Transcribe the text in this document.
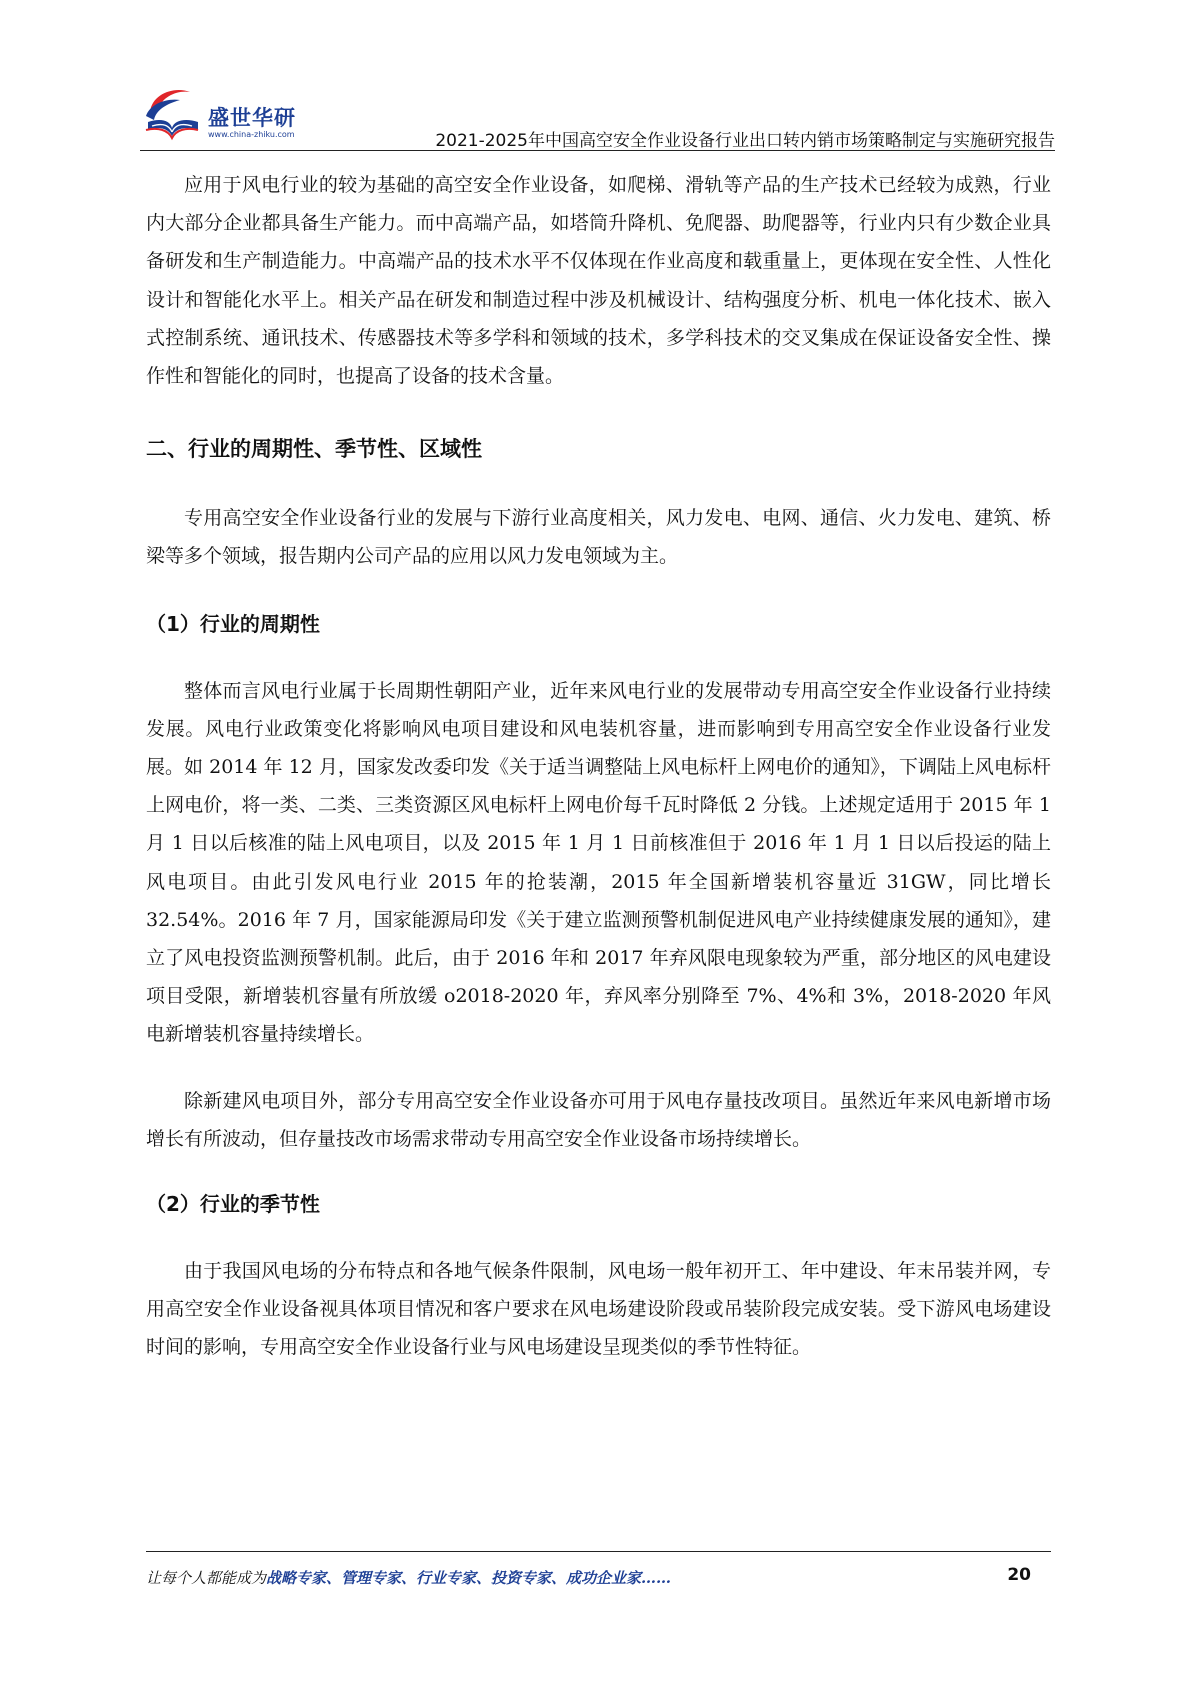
盛世华研
www.china-zhiku.com	2021-2025年中国高空安全作业设备行业出口转内销市场策略制定与实施研究报告

应用于风电行业的较为基础的高空安全作业设备，如爬梯、滑轨等产品的生产技术已经较为成熟，行业内大部分企业都具备生产能力。而中高端产品，如塔筒升降机、免爬器、助爬器等，行业内只有少数企业具备研发和生产制造能力。中高端产品的技术水平不仅体现在作业高度和载重量上，更体现在安全性、人性化设计和智能化水平上。相关产品在研发和制造过程中涉及机械设计、结构强度分析、机电一体化技术、嵌入式控制系统、通讯技术、传感器技术等多学科和领域的技术，多学科技术的交叉集成在保证设备安全性、操作性和智能化的同时，也提高了设备的技术含量。

二、行业的周期性、季节性、区域性

专用高空安全作业设备行业的发展与下游行业高度相关，风力发电、电网、通信、火力发电、建筑、桥梁等多个领域，报告期内公司产品的应用以风力发电领域为主。

（1）行业的周期性

整体而言风电行业属于长周期性朝阳产业，近年来风电行业的发展带动专用高空安全作业设备行业持续发展。风电行业政策变化将影响风电项目建设和风电装机容量，进而影响到专用高空安全作业设备行业发展。如 2014 年 12 月，国家发改委印发《关于适当调整陆上风电标杆上网电价的通知》，下调陆上风电标杆上网电价，将一类、二类、三类资源区风电标杆上网电价每千瓦时降低 2 分钱。上述规定适用于 2015 年 1 月 1 日以后核准的陆上风电项目，以及 2015 年 1 月 1 日前核准但于 2016 年 1 月 1 日以后投运的陆上风电项目。由此引发风电行业 2015 年的抢装潮，2015 年全国新增装机容量近 31GW，同比增长 32.54%。2016 年 7 月，国家能源局印发《关于建立监测预警机制促进风电产业持续健康发展的通知》，建立了风电投资监测预警机制。此后，由于 2016 年和 2017 年弃风限电现象较为严重，部分地区的风电建设项目受限，新增装机容量有所放缓 o2018-2020 年，弃风率分别降至 7%、4%和 3%，2018-2020 年风电新增装机容量持续增长。

除新建风电项目外，部分专用高空安全作业设备亦可用于风电存量技改项目。虽然近年来风电新增市场增长有所波动，但存量技改市场需求带动专用高空安全作业设备市场持续增长。

（2）行业的季节性

由于我国风电场的分布特点和各地气候条件限制，风电场一般年初开工、年中建设、年末吊装并网，专用高空安全作业设备视具体项目情况和客户要求在风电场建设阶段或吊装阶段完成安装。受下游风电场建设时间的影响，专用高空安全作业设备行业与风电场建设呈现类似的季节性特征。

让每个人都能成为战略专家、管理专家、行业专家、投资专家、成功企业家……	20
